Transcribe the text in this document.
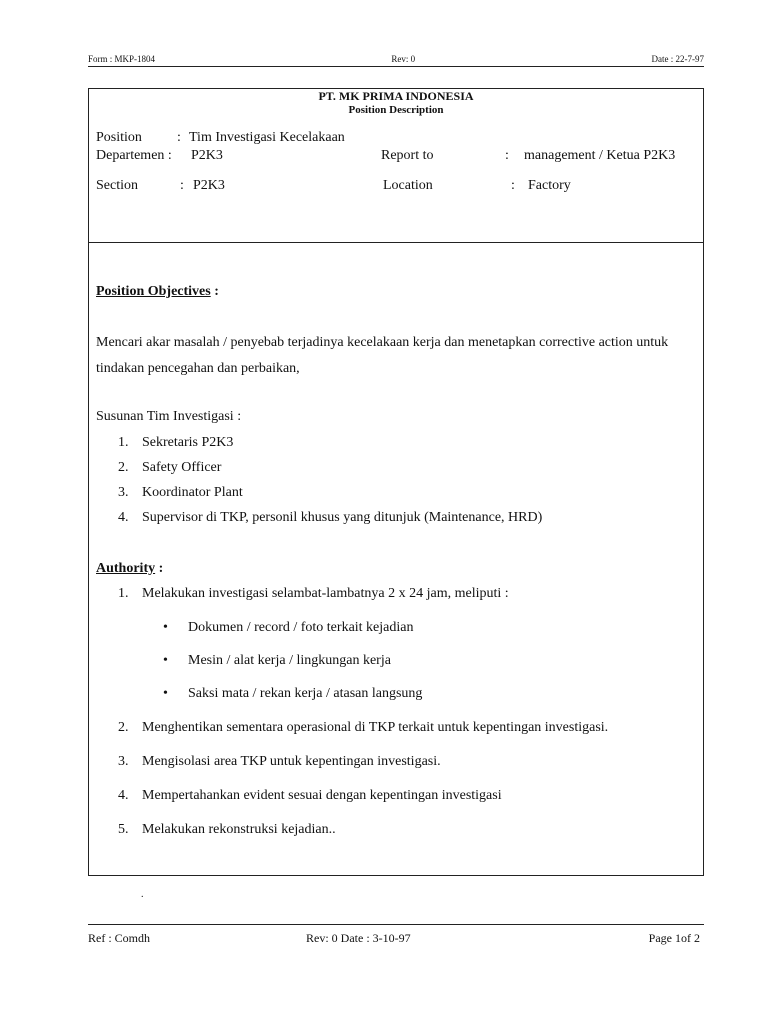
Form : MKP-1804	Rev: 0	Date : 22-7-97
PT. MK PRIMA INDONESIA
Position Description
Position	: Tim Investigasi Kecelakaan
Departemen : P2K3	Report to	: management / Ketua P2K3
Section	: P2K3	Location	: Factory
Position Objectives :
Mencari akar masalah / penyebab terjadinya kecelakaan kerja dan menetapkan corrective action untuk tindakan pencegahan dan perbaikan,
Susunan Tim Investigasi :
1. Sekretaris P2K3
2. Safety Officer
3. Koordinator Plant
4. Supervisor di TKP, personil khusus yang ditunjuk (Maintenance, HRD)
Authority :
1. Melakukan investigasi selambat-lambatnya 2 x 24 jam, meliputi :
• Dokumen / record / foto terkait kejadian
• Mesin / alat kerja / lingkungan kerja
• Saksi mata / rekan kerja / atasan langsung
2. Menghentikan sementara operasional di TKP terkait untuk kepentingan investigasi.
3. Mengisolasi area TKP untuk kepentingan investigasi.
4. Mempertahankan evident sesuai dengan kepentingan investigasi
5. Melakukan rekonstruksi kejadian..
.
Ref : Comdh	Rev: 0 Date : 3-10-97	Page 1of 2
